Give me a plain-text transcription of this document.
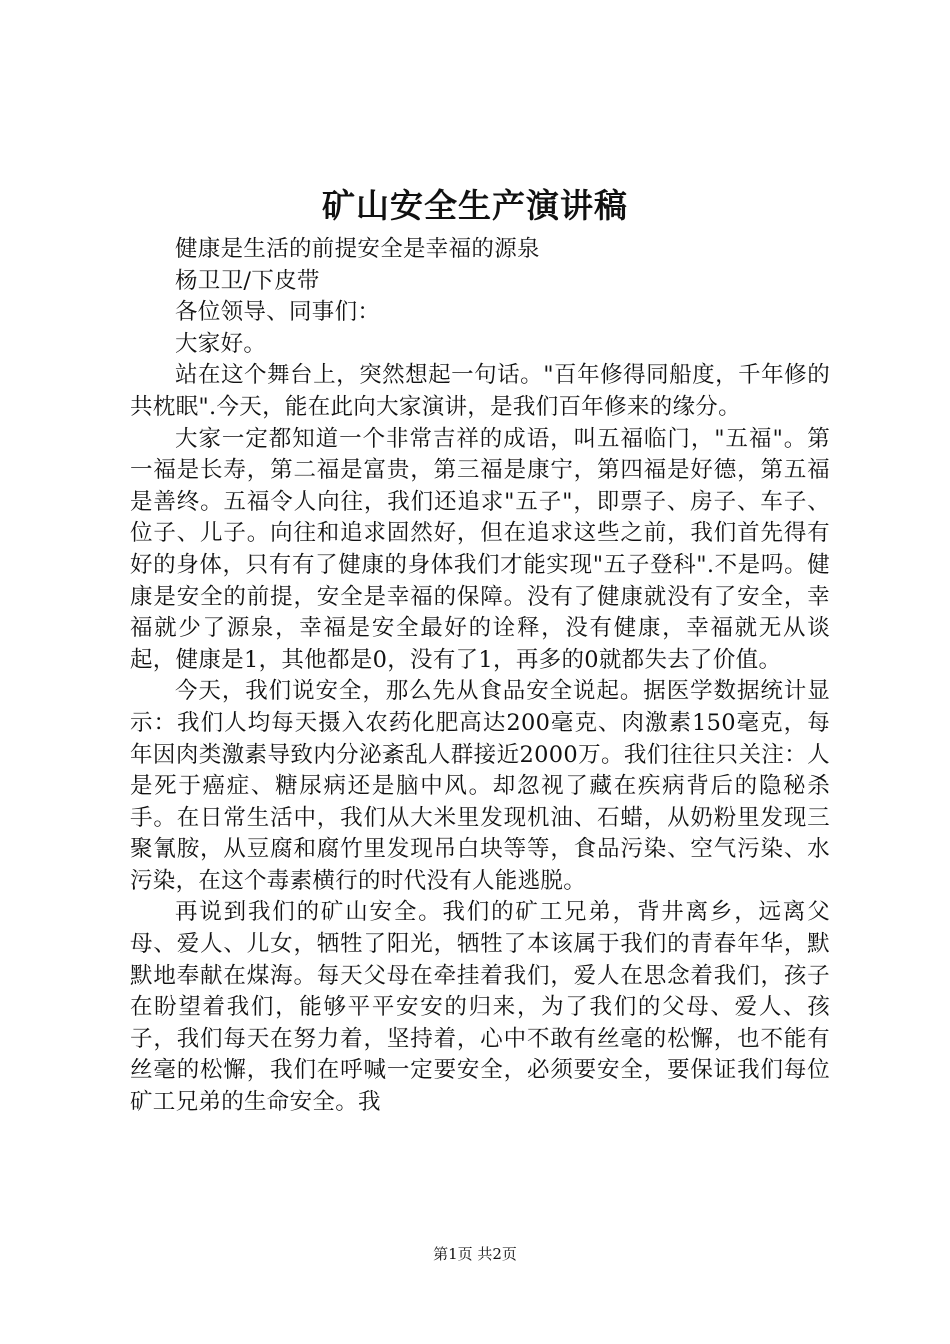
矿山安全生产演讲稿

健康是生活的前提安全是幸福的源泉

杨卫卫/下皮带

各位领导、同事们：

大家好。

站在这个舞台上，突然想起一句话。"百年修得同船度，千年修的共枕眠".今天，能在此向大家演讲，是我们百年修来的缘分。

大家一定都知道一个非常吉祥的成语，叫五福临门，"五福"。第一福是长寿，第二福是富贵，第三福是康宁，第四福是好德，第五福是善终。五福令人向往，我们还追求"五子"，即票子、房子、车子、位子、儿子。向往和追求固然好，但在追求这些之前，我们首先得有好的身体，只有有了健康的身体我们才能实现"五子登科".不是吗。健康是安全的前提，安全是幸福的保障。没有了健康就没有了安全，幸福就少了源泉，幸福是安全最好的诠释，没有健康，幸福就无从谈起，健康是1，其他都是0，没有了1，再多的0就都失去了价值。

今天，我们说安全，那么先从食品安全说起。据医学数据统计显示：我们人均每天摄入农药化肥高达200毫克、肉激素150毫克，每年因肉类激素导致内分泌紊乱人群接近2000万。我们往往只关注：人是死于癌症、糖尿病还是脑中风。却忽视了藏在疾病背后的隐秘杀手。在日常生活中，我们从大米里发现机油、石蜡，从奶粉里发现三聚氰胺，从豆腐和腐竹里发现吊白块等等，食品污染、空气污染、水污染，在这个毒素横行的时代没有人能逃脱。

再说到我们的矿山安全。我们的矿工兄弟，背井离乡，远离父母、爱人、儿女，牺牲了阳光，牺牲了本该属于我们的青春年华，默默地奉献在煤海。每天父母在牵挂着我们，爱人在思念着我们，孩子在盼望着我们，能够平平安安的归来，为了我们的父母、爱人、孩子，我们每天在努力着，坚持着，心中不敢有丝毫的松懈，也不能有丝毫的松懈，我们在呼喊一定要安全，必须要安全，要保证我们每位矿工兄弟的生命安全。我

第1页 共2页
